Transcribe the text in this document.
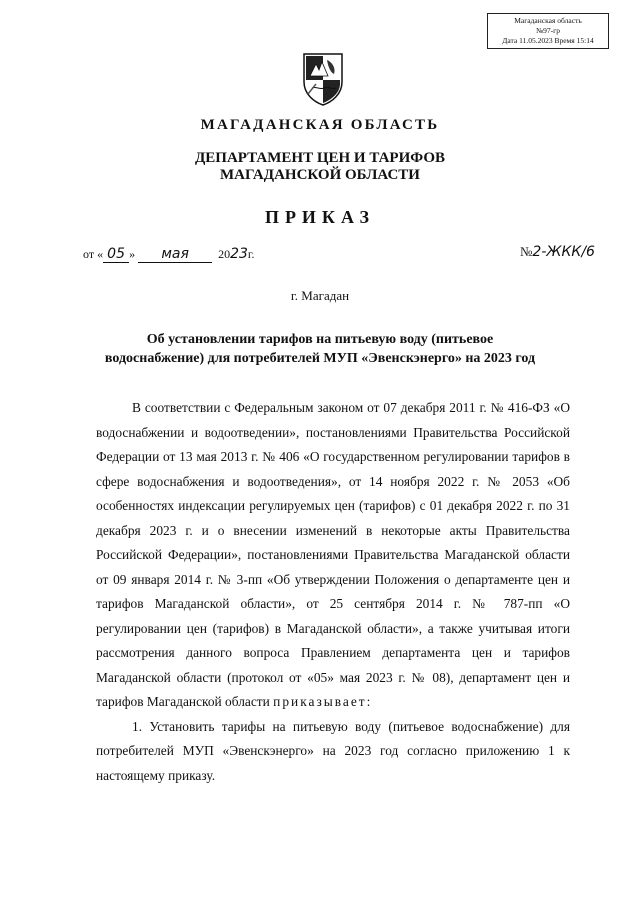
Магаданская область
№97-гр
Дата 11.05.2023 Время 15:14
МАГАДАНСКАЯ ОБЛАСТЬ
ДЕПАРТАМЕНТ ЦЕН И ТАРИФОВ
МАГАДАНСКОЙ ОБЛАСТИ
ПРИКАЗ
от « 05 » мая 2023г.	№2-ЖКК/6
г. Магадан
Об установлении тарифов на питьевую воду (питьевое
водоснабжение) для потребителей МУП «Эвенскэнерго» на 2023 год

В соответствии с Федеральным законом от 07 декабря 2011 г. № 416-ФЗ «О водоснабжении и водоотведении», постановлениями Правительства Российской Федерации от 13 мая 2013 г. № 406 «О государственном регулировании тарифов в сфере водоснабжения и водоотведения», от 14 ноября 2022 г. № 2053 «Об особенностях индексации регулируемых цен (тарифов) с 01 декабря 2022 г. по 31 декабря 2023 г. и о внесении изменений в некоторые акты Правительства Российской Федерации», постановлениями Правительства Магаданской области от 09 января 2014 г. № 3-пп «Об утверждении Положения о департаменте цен и тарифов Магаданской области», от 25 сентября 2014 г. № 787-пп «О регулировании цен (тарифов) в Магаданской области», а также учитывая итоги рассмотрения данного вопроса Правлением департамента цен и тарифов Магаданской области (протокол от «05» мая 2023 г. № 08), департамент цен и тарифов Магаданской области приказывает:

1. Установить тарифы на питьевую воду (питьевое водоснабжение) для потребителей МУП «Эвенскэнерго» на 2023 год согласно приложению 1 к настоящему приказу.
